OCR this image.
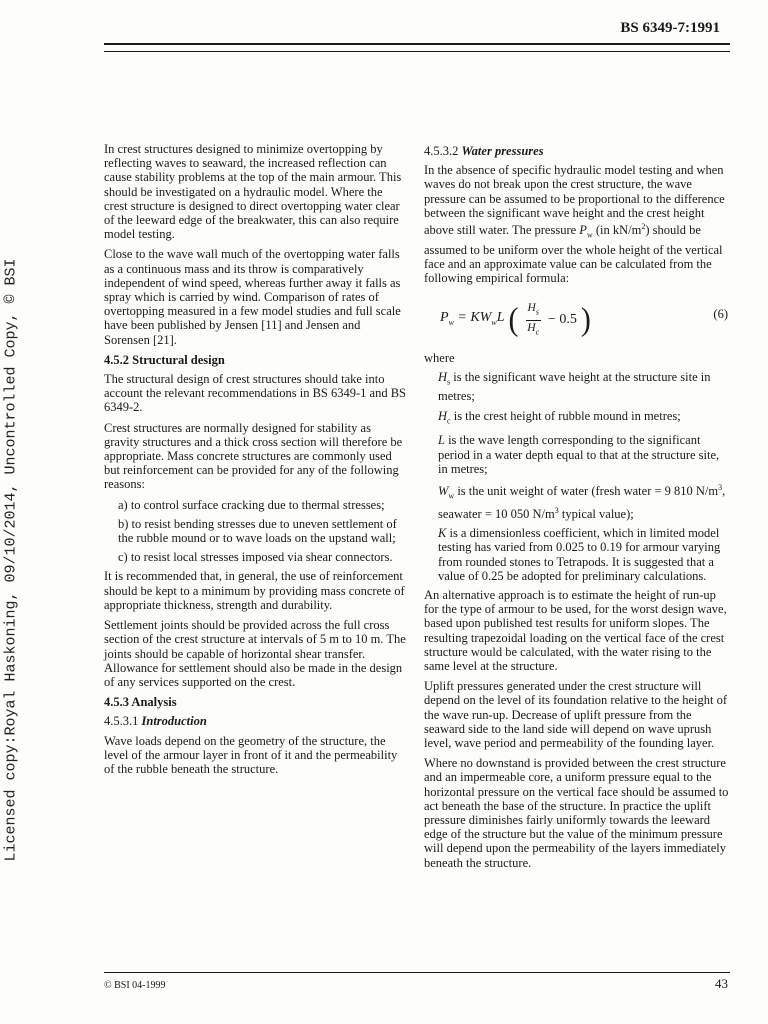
BS 6349-7:1991
Licensed copy:Royal Haskoning, 09/10/2014, Uncontrolled Copy, © BSI

In crest structures designed to minimize overtopping by reflecting waves to seaward, the increased reflection can cause stability problems at the top of the main armour. This should be investigated on a hydraulic model. Where the crest structure is designed to direct overtopping water clear of the leeward edge of the breakwater, this can also require model testing.

Close to the wave wall much of the overtopping water falls as a continuous mass and its throw is comparatively independent of wind speed, whereas further away it falls as spray which is carried by wind. Comparison of rates of overtopping measured in a few model studies and full scale have been published by Jensen [11] and Jensen and Sorensen [21].

4.5.2 Structural design

The structural design of crest structures should take into account the relevant recommendations in BS 6349-1 and BS 6349-2.

Crest structures are normally designed for stability as gravity structures and a thick cross section will therefore be appropriate. Mass concrete structures are commonly used but reinforcement can be provided for any of the following reasons:

a) to control surface cracking due to thermal stresses;

b) to resist bending stresses due to uneven settlement of the rubble mound or to wave loads on the upstand wall;

c) to resist local stresses imposed via shear connectors.

It is recommended that, in general, the use of reinforcement should be kept to a minimum by providing mass concrete of appropriate thickness, strength and durability.

Settlement joints should be provided across the full cross section of the crest structure at intervals of 5 m to 10 m. The joints should be capable of horizontal shear transfer. Allowance for settlement should also be made in the design of any services supported on the crest.

4.5.3 Analysis
4.5.3.1 Introduction

Wave loads depend on the geometry of the structure, the level of the armour layer in front of it and the permeability of the rubble beneath the structure.

4.5.3.2 Water pressures

In the absence of specific hydraulic model testing and when waves do not break upon the crest structure, the wave pressure can be assumed to be proportional to the difference between the significant wave height and the crest height above still water. The pressure $P_w$ (in $kN/m^2$) should be assumed to be uniform over the whole height of the vertical face and an approximate value can be calculated from the following empirical formula:

$P_w = KW_wL$ ( $\frac{H_s}{H_c} - 0.5$ )	(6)

where

$H_s$ is the significant wave height at the structure site in metres;

$H_c$ is the crest height of rubble mound in metres;

L is the wave length corresponding to the significant period in a water depth equal to that at the structure site, in metres;

$W_w$ is the unit weight of water (fresh water = 9 810 $N/m^3$, seawater = 10 050 $N/m^3$ typical value);

K is a dimensionless coefficient, which in limited model testing has varied from 0.025 to 0.19 for armour varying from rounded stones to Tetrapods. It is suggested that a value of 0.25 be adopted for preliminary calculations.

An alternative approach is to estimate the height of run-up for the type of armour to be used, for the worst design wave, based upon published test results for uniform slopes. The resulting trapezoidal loading on the vertical face of the crest structure would be calculated, with the water rising to the same level at the structure.

Uplift pressures generated under the crest structure will depend on the level of its foundation relative to the height of the wave run-up. Decrease of uplift pressure from the seaward side to the land side will depend on wave uprush level, wave period and permeability of the founding layer.

Where no downstand is provided between the crest structure and an impermeable core, a uniform pressure equal to the horizontal pressure on the vertical face should be assumed to act beneath the base of the structure. In practice the uplift pressure diminishes fairly uniformly towards the leeward edge of the structure but the value of the minimum pressure will depend upon the permeability of the layers immediately beneath the structure.

© BSI 04-1999	43
